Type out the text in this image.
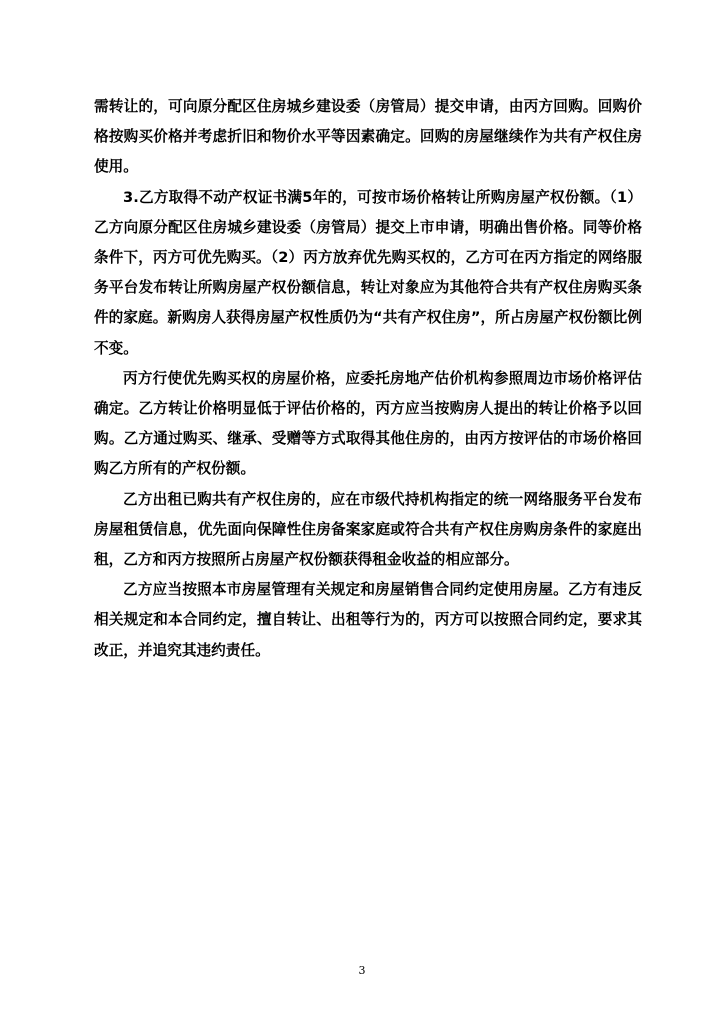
需转让的，可向原分配区住房城乡建设委（房管局）提交申请，由丙方回购。回购价格按购买价格并考虑折旧和物价水平等因素确定。回购的房屋继续作为共有产权住房使用。

3.乙方取得不动产权证书满5年的，可按市场价格转让所购房屋产权份额。（1）乙方向原分配区住房城乡建设委（房管局）提交上市申请，明确出售价格。同等价格条件下，丙方可优先购买。（2）丙方放弃优先购买权的，乙方可在丙方指定的网络服务平台发布转让所购房屋产权份额信息，转让对象应为其他符合共有产权住房购买条件的家庭。新购房人获得房屋产权性质仍为“共有产权住房”，所占房屋产权份额比例不变。

丙方行使优先购买权的房屋价格，应委托房地产估价机构参照周边市场价格评估确定。乙方转让价格明显低于评估价格的，丙方应当按购房人提出的转让价格予以回购。乙方通过购买、继承、受赠等方式取得其他住房的，由丙方按评估的市场价格回购乙方所有的产权份额。

乙方出租已购共有产权住房的，应在市级代持机构指定的统一网络服务平台发布房屋租赁信息，优先面向保障性住房备案家庭或符合共有产权住房购房条件的家庭出租，乙方和丙方按照所占房屋产权份额获得租金收益的相应部分。

乙方应当按照本市房屋管理有关规定和房屋销售合同约定使用房屋。乙方有违反相关规定和本合同约定，擅自转让、出租等行为的，丙方可以按照合同约定，要求其改正，并追究其违约责任。

3
